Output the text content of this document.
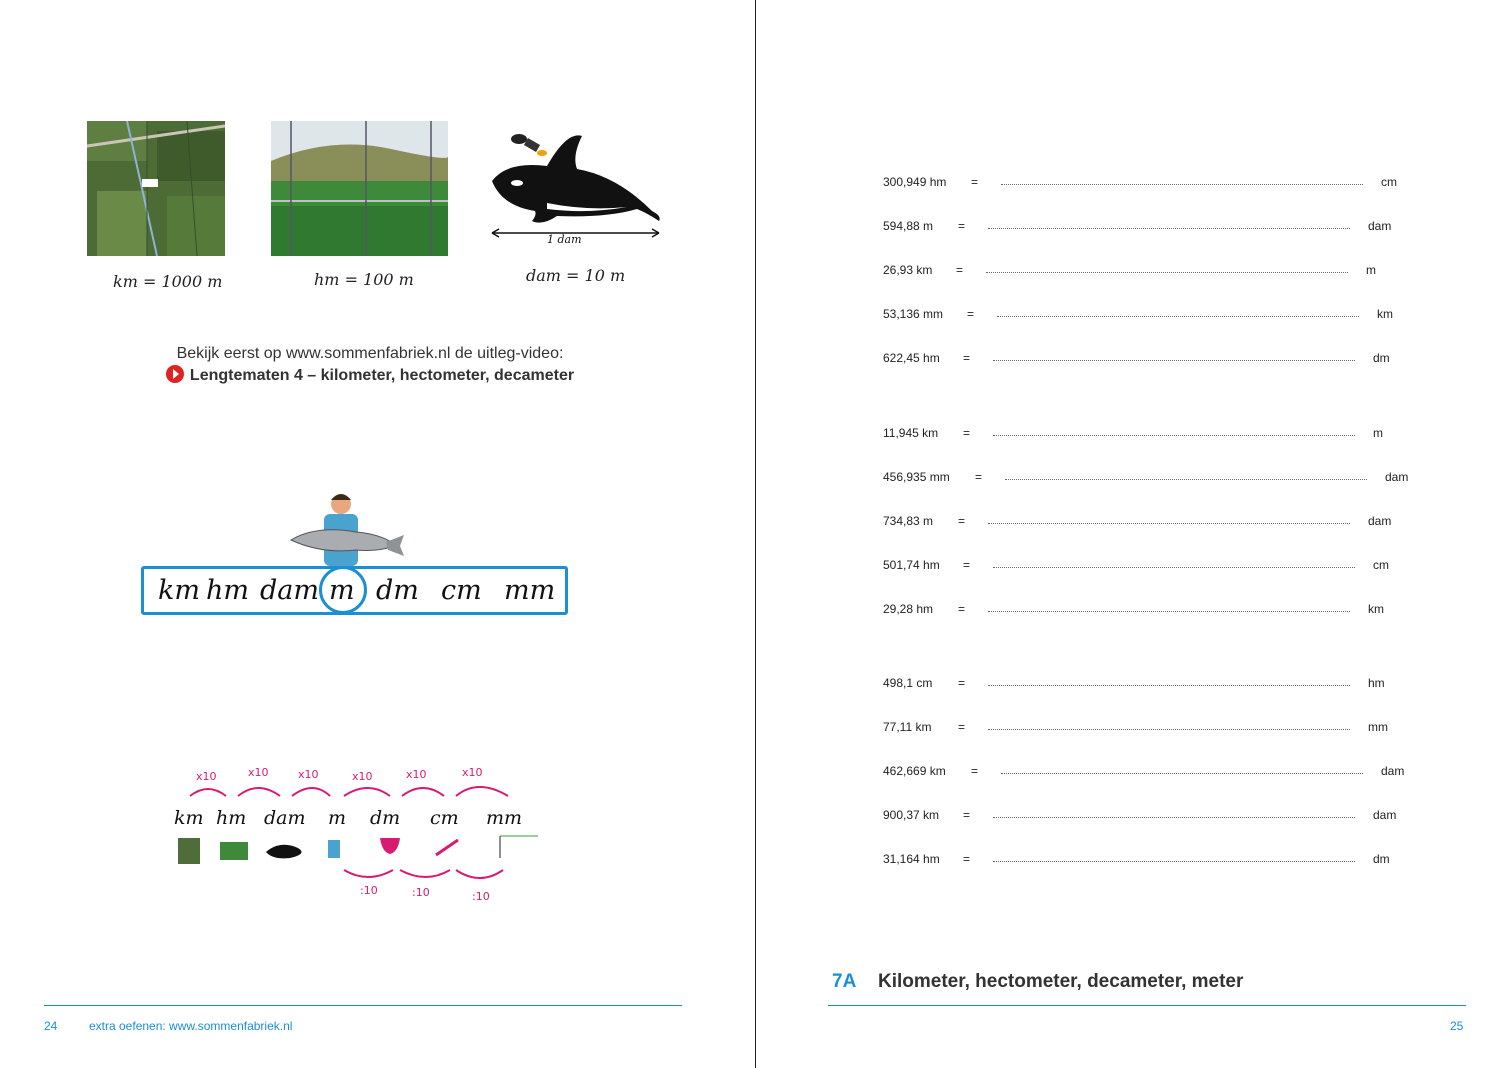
km = 1000 m	hm = 100 m
1 dam
dam = 10 m
Bekijk eerst op www.sommenfabriek.nl de uitleg-video:
Lengtematen 4 – kilometer, hectometer, decameter
km hm dam m dm cm mm
x10	x10	x10	x10	x10	x10
:10	:10	:10
km hm dam m dm cm mm
24	extra oefenen: www.sommenfabriek.nl
300,949 hm =	cm
594,88 m =	dam
26,93 km =	m
53,136 mm =	km
622,45 hm =	dm
11,945 km =	m
456,935 mm =	dam
734,83 m =	dam
501,74 hm =	cm
29,28 hm =	km
498,1 cm =	hm
77,11 km =	mm
462,669 km =	dam
900,37 km =	dam
31,164 hm =	dm
7A Kilometer, hectometer, decameter, meter
25
